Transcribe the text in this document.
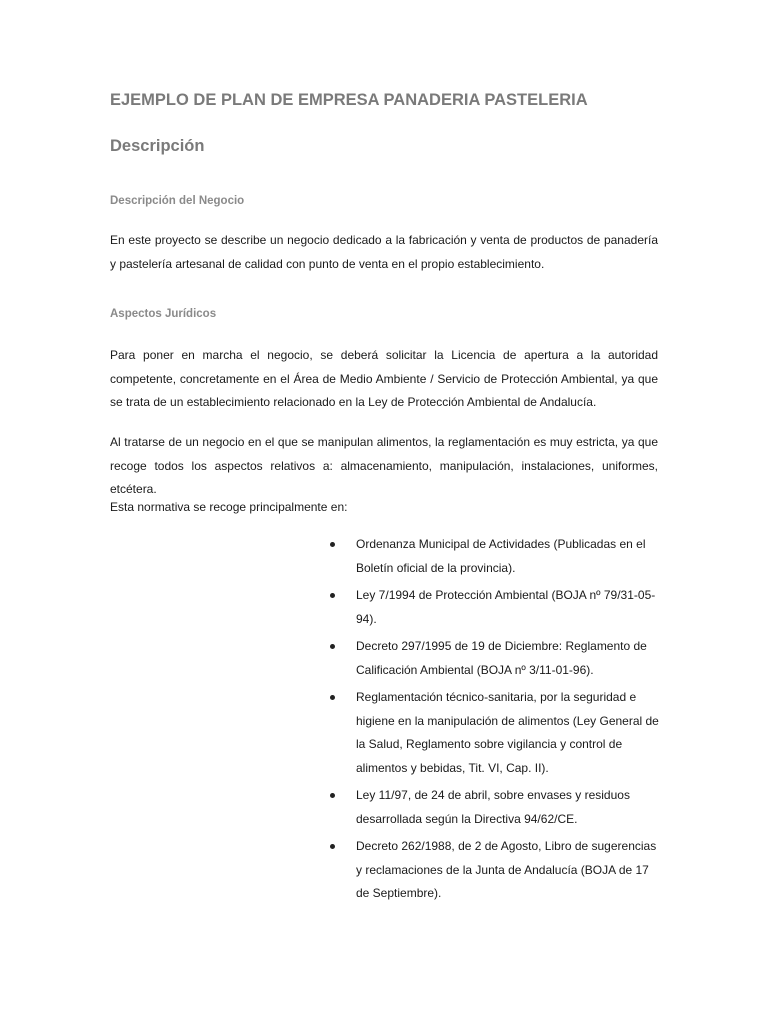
EJEMPLO DE PLAN DE EMPRESA PANADERIA PASTELERIA
Descripción
Descripción del Negocio

En este proyecto se describe un negocio dedicado a la fabricación y venta de productos de panadería y pastelería artesanal de calidad con punto de venta en el propio establecimiento.

Aspectos Jurídicos

Para poner en marcha el negocio, se deberá solicitar la Licencia de apertura a la autoridad competente, concretamente en el Área de Medio Ambiente / Servicio de Protección Ambiental, ya que se trata de un establecimiento relacionado en la Ley de Protección Ambiental de Andalucía.

Al tratarse de un negocio en el que se manipulan alimentos, la reglamentación es muy estricta, ya que recoge todos los aspectos relativos a: almacenamiento, manipulación, instalaciones, uniformes, etcétera.

Esta normativa se recoge principalmente en:

Ordenanza Municipal de Actividades (Publicadas en el Boletín oficial de la provincia).
Ley 7/1994 de Protección Ambiental (BOJA nº 79/31-05-94).
Decreto 297/1995 de 19 de Diciembre: Reglamento de Calificación Ambiental (BOJA nº 3/11-01-96).
Reglamentación técnico-sanitaria, por la seguridad e higiene en la manipulación de alimentos (Ley General de la Salud, Reglamento sobre vigilancia y control de alimentos y bebidas, Tit. VI, Cap. II).
Ley 11/97, de 24 de abril, sobre envases y residuos desarrollada según la Directiva 94/62/CE.
Decreto 262/1988, de 2 de Agosto, Libro de sugerencias y reclamaciones de la Junta de Andalucía (BOJA de 17 de Septiembre).
